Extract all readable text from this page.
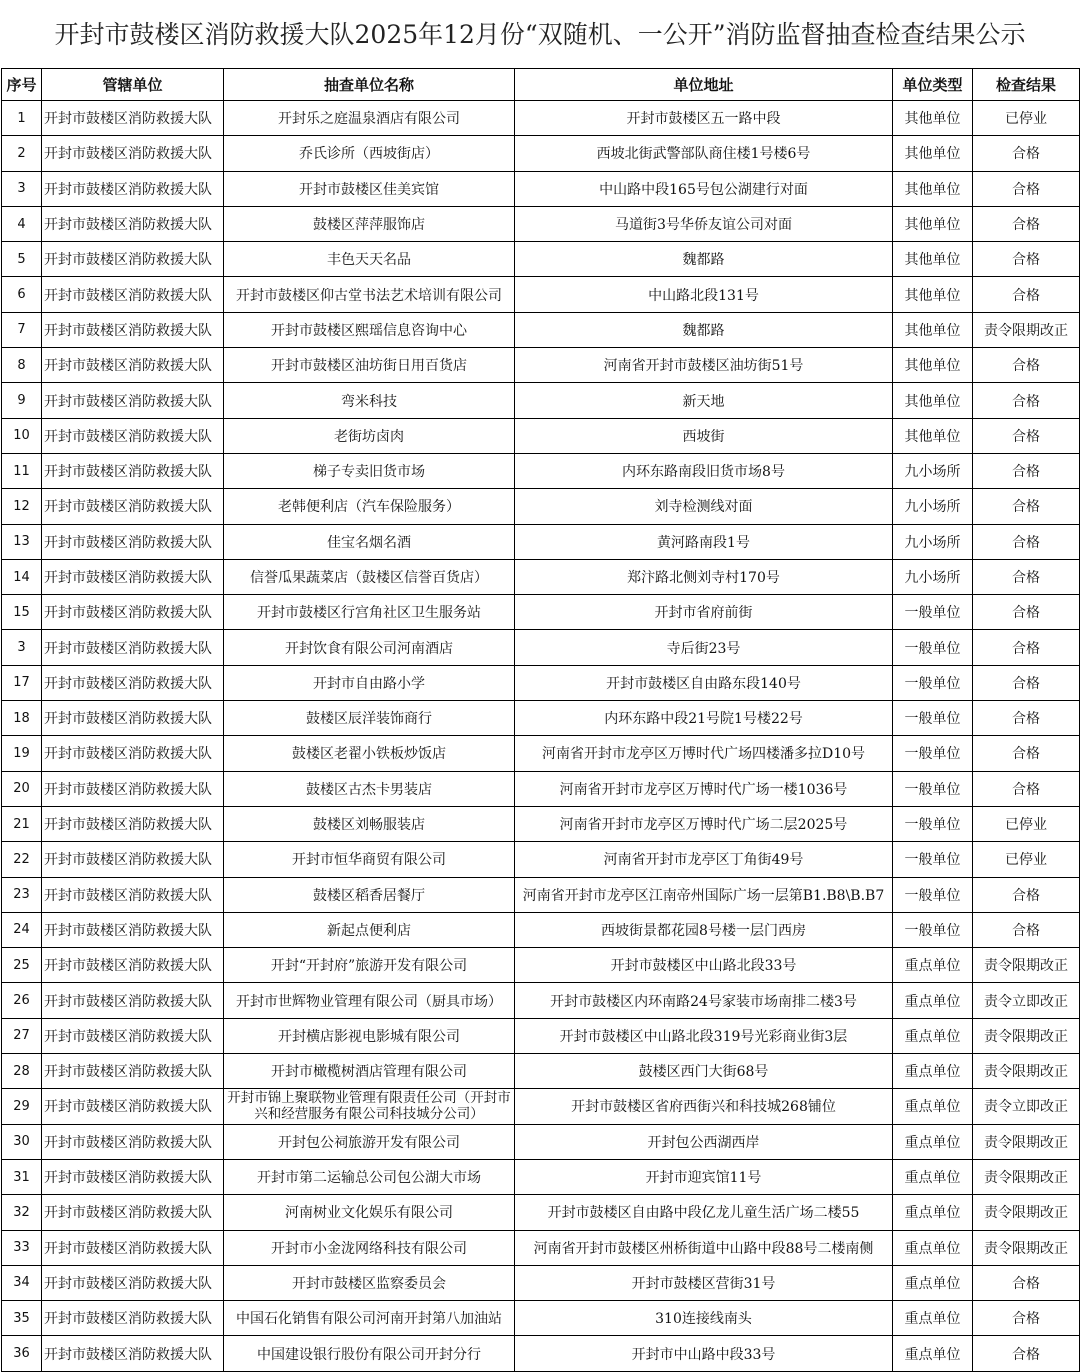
开封市鼓楼区消防救援大队2025年12月份“双随机、一公开”消防监督抽查检查结果公示
序号	管辖单位	抽查单位名称	单位地址	单位类型	检查结果
1	开封市鼓楼区消防救援大队	开封乐之庭温泉酒店有限公司	开封市鼓楼区五一路中段	其他单位	已停业
2	开封市鼓楼区消防救援大队	乔氏诊所（西坡街店）	西坡北街武警部队商住楼1号楼6号	其他单位	合格
3	开封市鼓楼区消防救援大队	开封市鼓楼区佳美宾馆	中山路中段165号包公湖建行对面	其他单位	合格
4	开封市鼓楼区消防救援大队	鼓楼区萍萍服饰店	马道街3号华侨友谊公司对面	其他单位	合格
5	开封市鼓楼区消防救援大队	丰色天天名品	魏都路	其他单位	合格
6	开封市鼓楼区消防救援大队	开封市鼓楼区仰古堂书法艺术培训有限公司	中山路北段131号	其他单位	合格
7	开封市鼓楼区消防救援大队	开封市鼓楼区熙瑶信息咨询中心	魏都路	其他单位	责令限期改正
8	开封市鼓楼区消防救援大队	开封市鼓楼区油坊街日用百货店	河南省开封市鼓楼区油坊街51号	其他单位	合格
9	开封市鼓楼区消防救援大队	弯米科技	新天地	其他单位	合格
10	开封市鼓楼区消防救援大队	老街坊卤肉	西坡街	其他单位	合格
11	开封市鼓楼区消防救援大队	梯子专卖旧货市场	内环东路南段旧货市场8号	九小场所	合格
12	开封市鼓楼区消防救援大队	老韩便利店（汽车保险服务）	刘寺检测线对面	九小场所	合格
13	开封市鼓楼区消防救援大队	佳宝名烟名酒	黄河路南段1号	九小场所	合格
14	开封市鼓楼区消防救援大队	信誉瓜果蔬菜店（鼓楼区信誉百货店）	郑汴路北侧刘寺村170号	九小场所	合格
15	开封市鼓楼区消防救援大队	开封市鼓楼区行宫角社区卫生服务站	开封市省府前街	一般单位	合格
3	开封市鼓楼区消防救援大队	开封饮食有限公司河南酒店	寺后街23号	一般单位	合格
17	开封市鼓楼区消防救援大队	开封市自由路小学	开封市鼓楼区自由路东段140号	一般单位	合格
18	开封市鼓楼区消防救援大队	鼓楼区辰洋装饰商行	内环东路中段21号院1号楼22号	一般单位	合格
19	开封市鼓楼区消防救援大队	鼓楼区老翟小铁板炒饭店	河南省开封市龙亭区万博时代广场四楼潘多拉D10号	一般单位	合格
20	开封市鼓楼区消防救援大队	鼓楼区古杰卡男装店	河南省开封市龙亭区万博时代广场一楼1036号	一般单位	合格
21	开封市鼓楼区消防救援大队	鼓楼区刘畅服装店	河南省开封市龙亭区万博时代广场二层2025号	一般单位	已停业
22	开封市鼓楼区消防救援大队	开封市恒华商贸有限公司	河南省开封市龙亭区丁角街49号	一般单位	已停业
23	开封市鼓楼区消防救援大队	鼓楼区稻香居餐厅	河南省开封市龙亭区江南帝州国际广场一层第B1.B8\B.B7	一般单位	合格
24	开封市鼓楼区消防救援大队	新起点便利店	西坡街景都花园8号楼一层门西房	一般单位	合格
25	开封市鼓楼区消防救援大队	开封“开封府”旅游开发有限公司	开封市鼓楼区中山路北段33号	重点单位	责令限期改正
26	开封市鼓楼区消防救援大队	开封市世辉物业管理有限公司（厨具市场）	开封市鼓楼区内环南路24号家装市场南排二楼3号	重点单位	责令立即改正
27	开封市鼓楼区消防救援大队	开封横店影视电影城有限公司	开封市鼓楼区中山路北段319号光彩商业街3层	重点单位	责令限期改正
28	开封市鼓楼区消防救援大队	开封市橄榄树酒店管理有限公司	鼓楼区西门大街68号	重点单位	责令限期改正
29	开封市鼓楼区消防救援大队	开封市锦上聚联物业管理有限责任公司（开封市兴和经营服务有限公司科技城分公司）	开封市鼓楼区省府西街兴和科技城268铺位	重点单位	责令立即改正
30	开封市鼓楼区消防救援大队	开封包公祠旅游开发有限公司	开封包公西湖西岸	重点单位	责令限期改正
31	开封市鼓楼区消防救援大队	开封市第二运输总公司包公湖大市场	开封市迎宾馆11号	重点单位	责令限期改正
32	开封市鼓楼区消防救援大队	河南树业文化娱乐有限公司	开封市鼓楼区自由路中段亿龙儿童生活广场二楼55	重点单位	责令限期改正
33	开封市鼓楼区消防救援大队	开封市小金泷网络科技有限公司	河南省开封市鼓楼区州桥街道中山路中段88号二楼南侧	重点单位	责令限期改正
34	开封市鼓楼区消防救援大队	开封市鼓楼区监察委员会	开封市鼓楼区营街31号	重点单位	合格
35	开封市鼓楼区消防救援大队	中国石化销售有限公司河南开封第八加油站	310连接线南头	重点单位	合格
36	开封市鼓楼区消防救援大队	中国建设银行股份有限公司开封分行	开封市中山路中段33号	重点单位	合格
